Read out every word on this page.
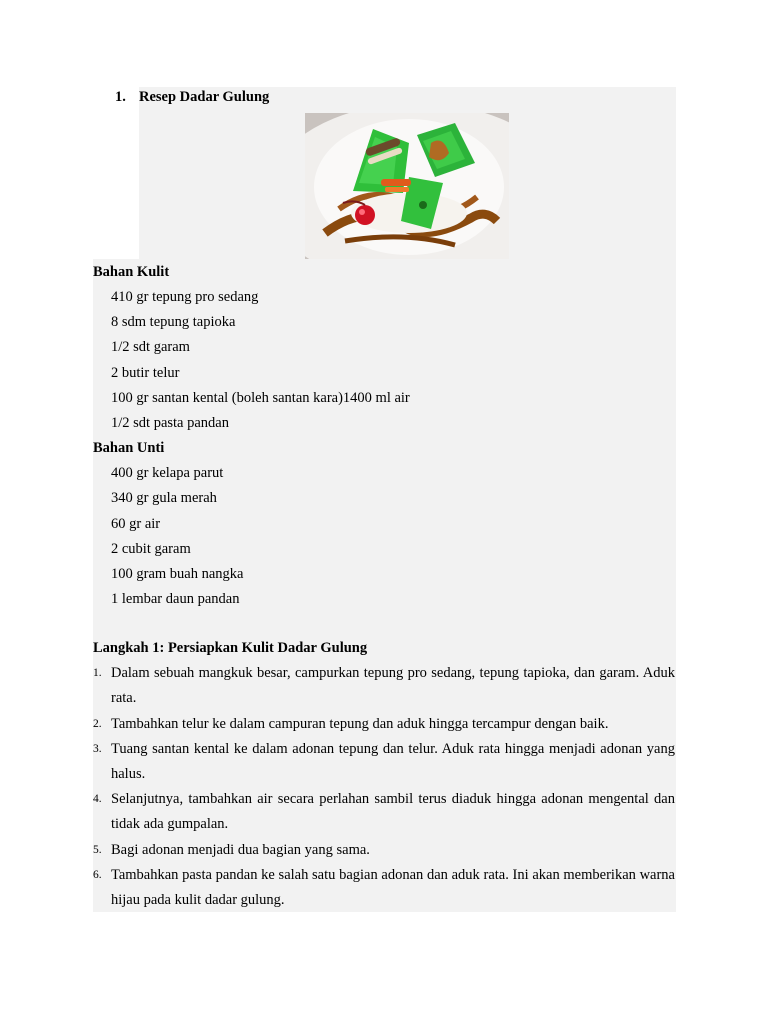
1. Resep Dadar Gulung
Bahan Kulit
410 gr tepung pro sedang
8 sdm tepung tapioka
1/2 sdt garam
2 butir telur
100 gr santan kental (boleh santan kara)1400 ml air
1/2 sdt pasta pandan
Bahan Unti
400 gr kelapa parut
340 gr gula merah
60 gr air
2 cubit garam
100 gram buah nangka
1 lembar daun pandan
Langkah 1: Persiapkan Kulit Dadar Gulung
1. Dalam sebuah mangkuk besar, campurkan tepung pro sedang, tepung tapioka, dan garam. Aduk rata.
2. Tambahkan telur ke dalam campuran tepung dan aduk hingga tercampur dengan baik.
3. Tuang santan kental ke dalam adonan tepung dan telur. Aduk rata hingga menjadi adonan yang halus.
4. Selanjutnya, tambahkan air secara perlahan sambil terus diaduk hingga adonan mengental dan tidak ada gumpalan.
5. Bagi adonan menjadi dua bagian yang sama.
6. Tambahkan pasta pandan ke salah satu bagian adonan dan aduk rata. Ini akan memberikan warna hijau pada kulit dadar gulung.
